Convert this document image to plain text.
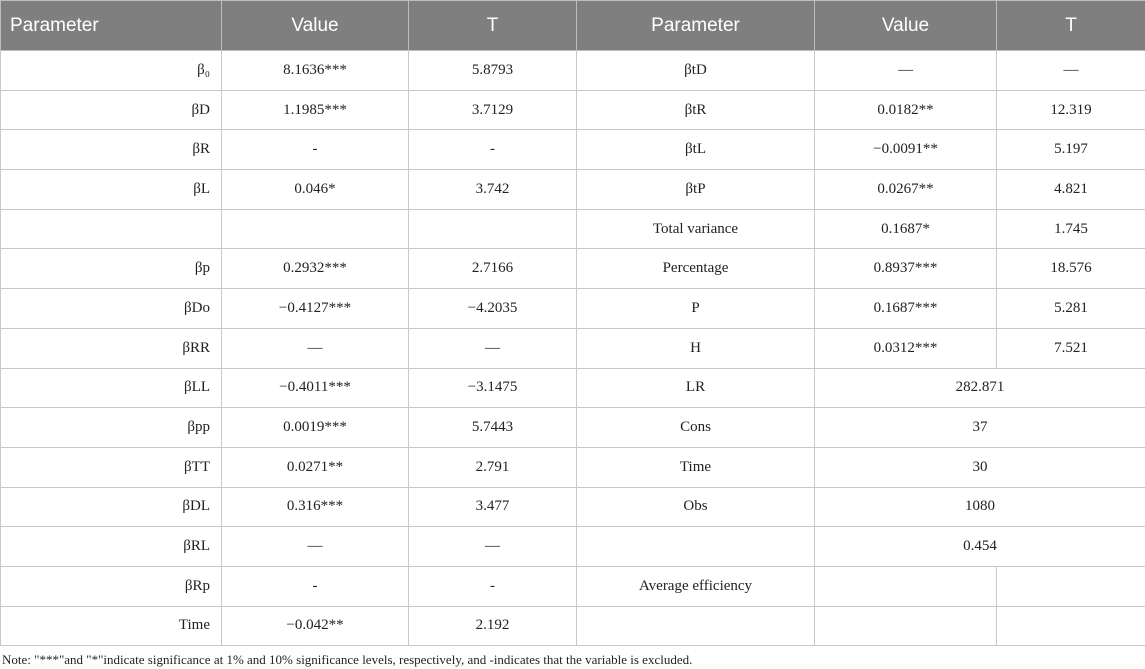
Parameter	Value	T	Parameter	Value	T
β₀	8.1636***	5.8793	βtD	—	—
βD	1.1985***	3.7129	βtR	0.0182**	12.319
βR	-	-	βtL	−0.0091**	5.197
βL	0.046*	3.742	βtP	0.0267**	4.821
			Total variance	0.1687*	1.745
βp	0.2932***	2.7166	Percentage	0.8937***	18.576
βDo	−0.4127***	−4.2035	P	0.1687***	5.281
βRR	—	—	H	0.0312***	7.521
βLL	−0.4011***	−3.1475	LR	282.871	
βpp	0.0019***	5.7443	Cons	37	
βTT	0.0271**	2.791	Time	30	
βDL	0.316***	3.477	Obs	1080	
βRL	—	—		0.454	
βRp	-	-	Average efficiency		
Time	−0.042**	2.192			
Note: "***"and "*"indicate significance at 1% and 10% significance levels, respectively, and -indicates that the variable is excluded.
